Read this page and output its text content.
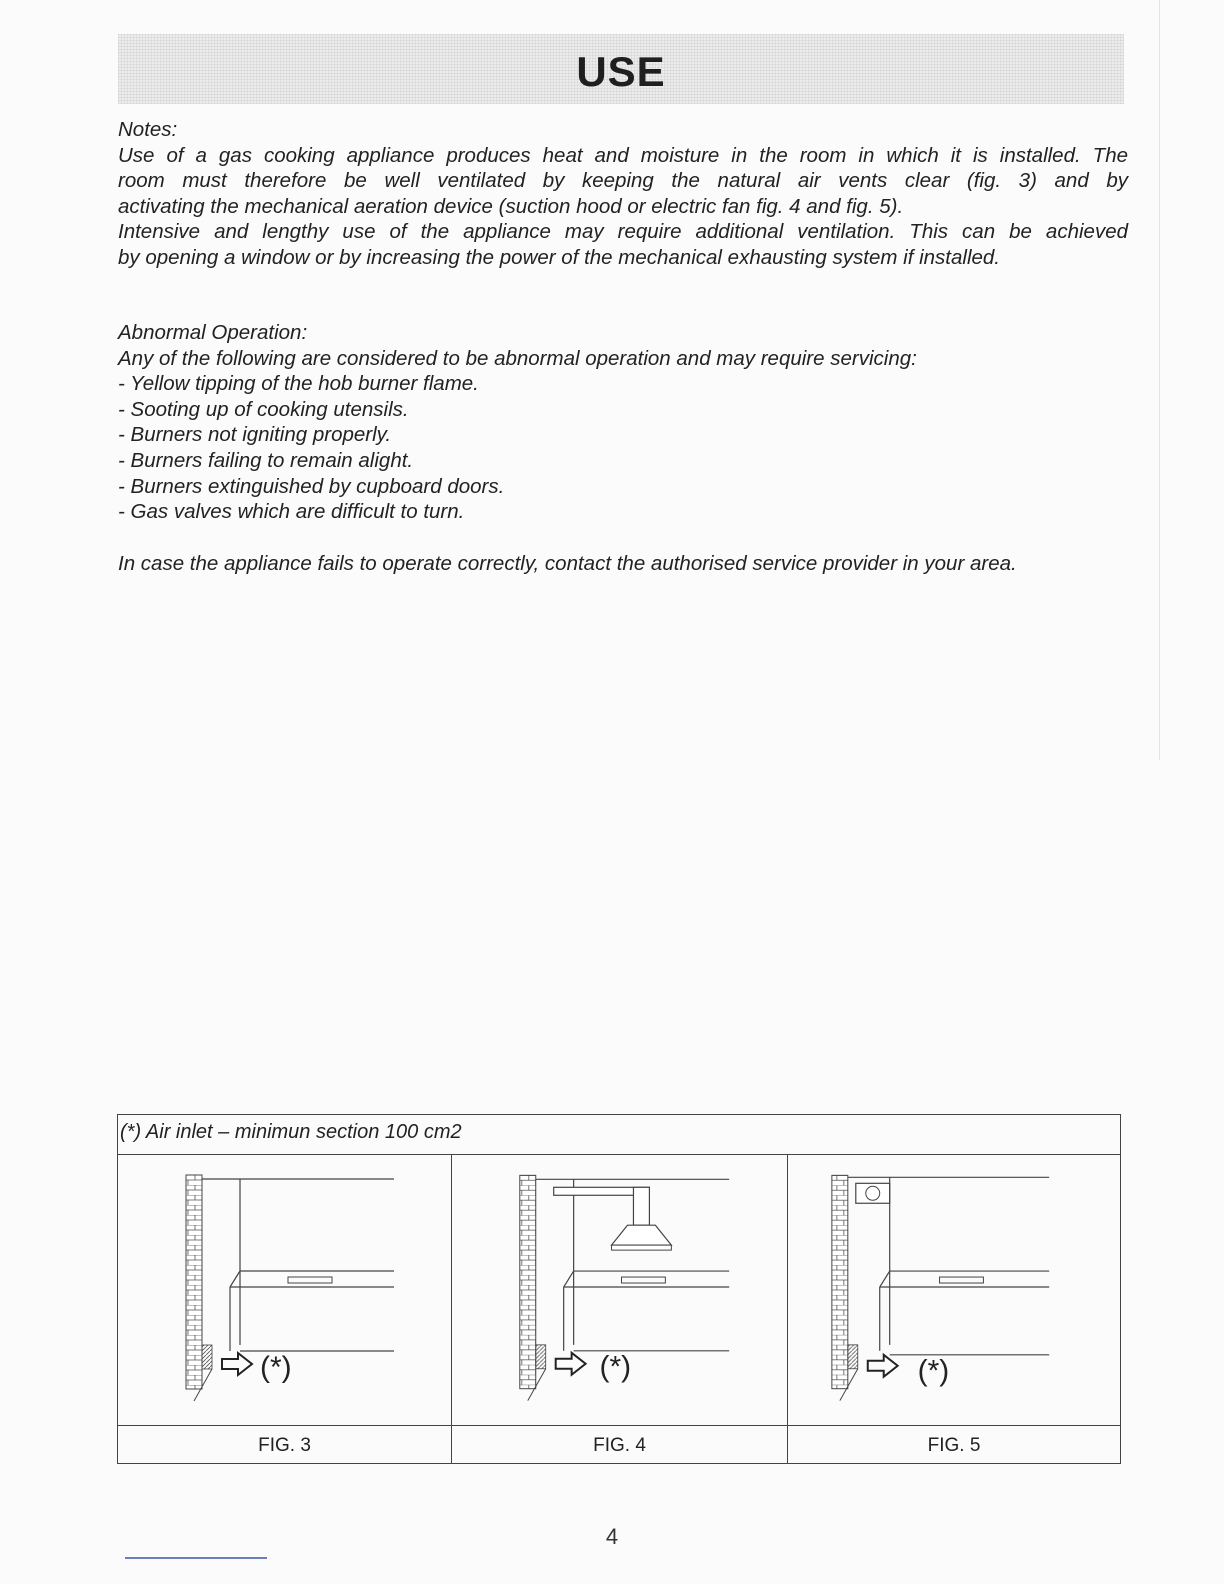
USE
Notes:
Use of a gas cooking appliance produces heat and moisture in the room in which it is installed. The
room must therefore be well ventilated by keeping the natural air vents clear (fig. 3) and by
activating the mechanical aeration device (suction hood or electric fan fig. 4 and fig. 5).
Intensive and lengthy use of the appliance may require additional ventilation. This can be achieved
by opening a window or by increasing the power of the mechanical exhausting system if installed.
Abnormal Operation:
Any of the following are considered to be abnormal operation and may require servicing:
- Yellow tipping of the hob burner flame.
- Sooting up of cooking utensils.
- Burners not igniting properly.
- Burners failing to remain alight.
- Burners extinguished by cupboard doors.
- Gas valves which are difficult to turn.
In case the appliance fails to operate correctly, contact the authorised service provider in your area.
(*) Air inlet – minimun section 100 cm2
(*)
FIG. 3
(*)
FIG. 4
(*)
FIG. 5
4
